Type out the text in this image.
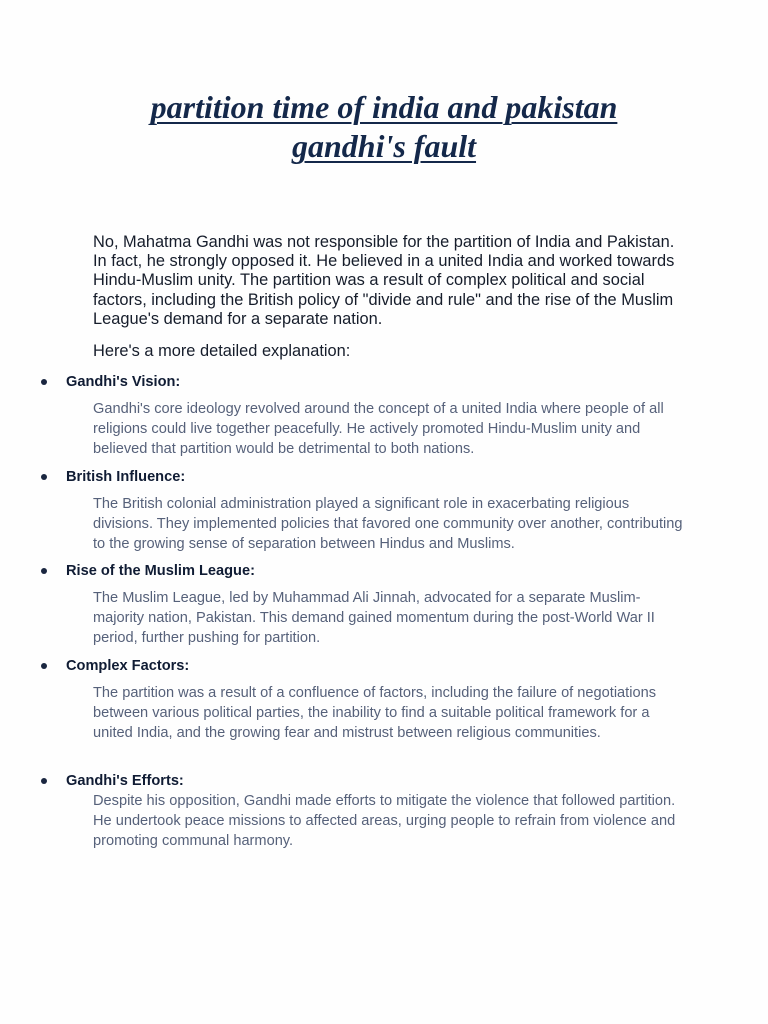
partition time of india and pakistan
gandhi's fault

No, Mahatma Gandhi was not responsible for the partition of India and Pakistan. In fact, he strongly opposed it. He believed in a united India and worked towards Hindu-Muslim unity. The partition was a result of complex political and social factors, including the British policy of "divide and rule" and the rise of the Muslim League's demand for a separate nation.

Here's a more detailed explanation:

Gandhi's Vision:

Gandhi's core ideology revolved around the concept of a united India where people of all religions could live together peacefully. He actively promoted Hindu-Muslim unity and believed that partition would be detrimental to both nations.

British Influence:

The British colonial administration played a significant role in exacerbating religious divisions. They implemented policies that favored one community over another, contributing to the growing sense of separation between Hindus and Muslims.

Rise of the Muslim League:

The Muslim League, led by Muhammad Ali Jinnah, advocated for a separate Muslim-majority nation, Pakistan. This demand gained momentum during the post-World War II period, further pushing for partition.

Complex Factors:

The partition was a result of a confluence of factors, including the failure of negotiations between various political parties, the inability to find a suitable political framework for a united India, and the growing fear and mistrust between religious communities.

Gandhi's Efforts:

Despite his opposition, Gandhi made efforts to mitigate the violence that followed partition. He undertook peace missions to affected areas, urging people to refrain from violence and promoting communal harmony.
